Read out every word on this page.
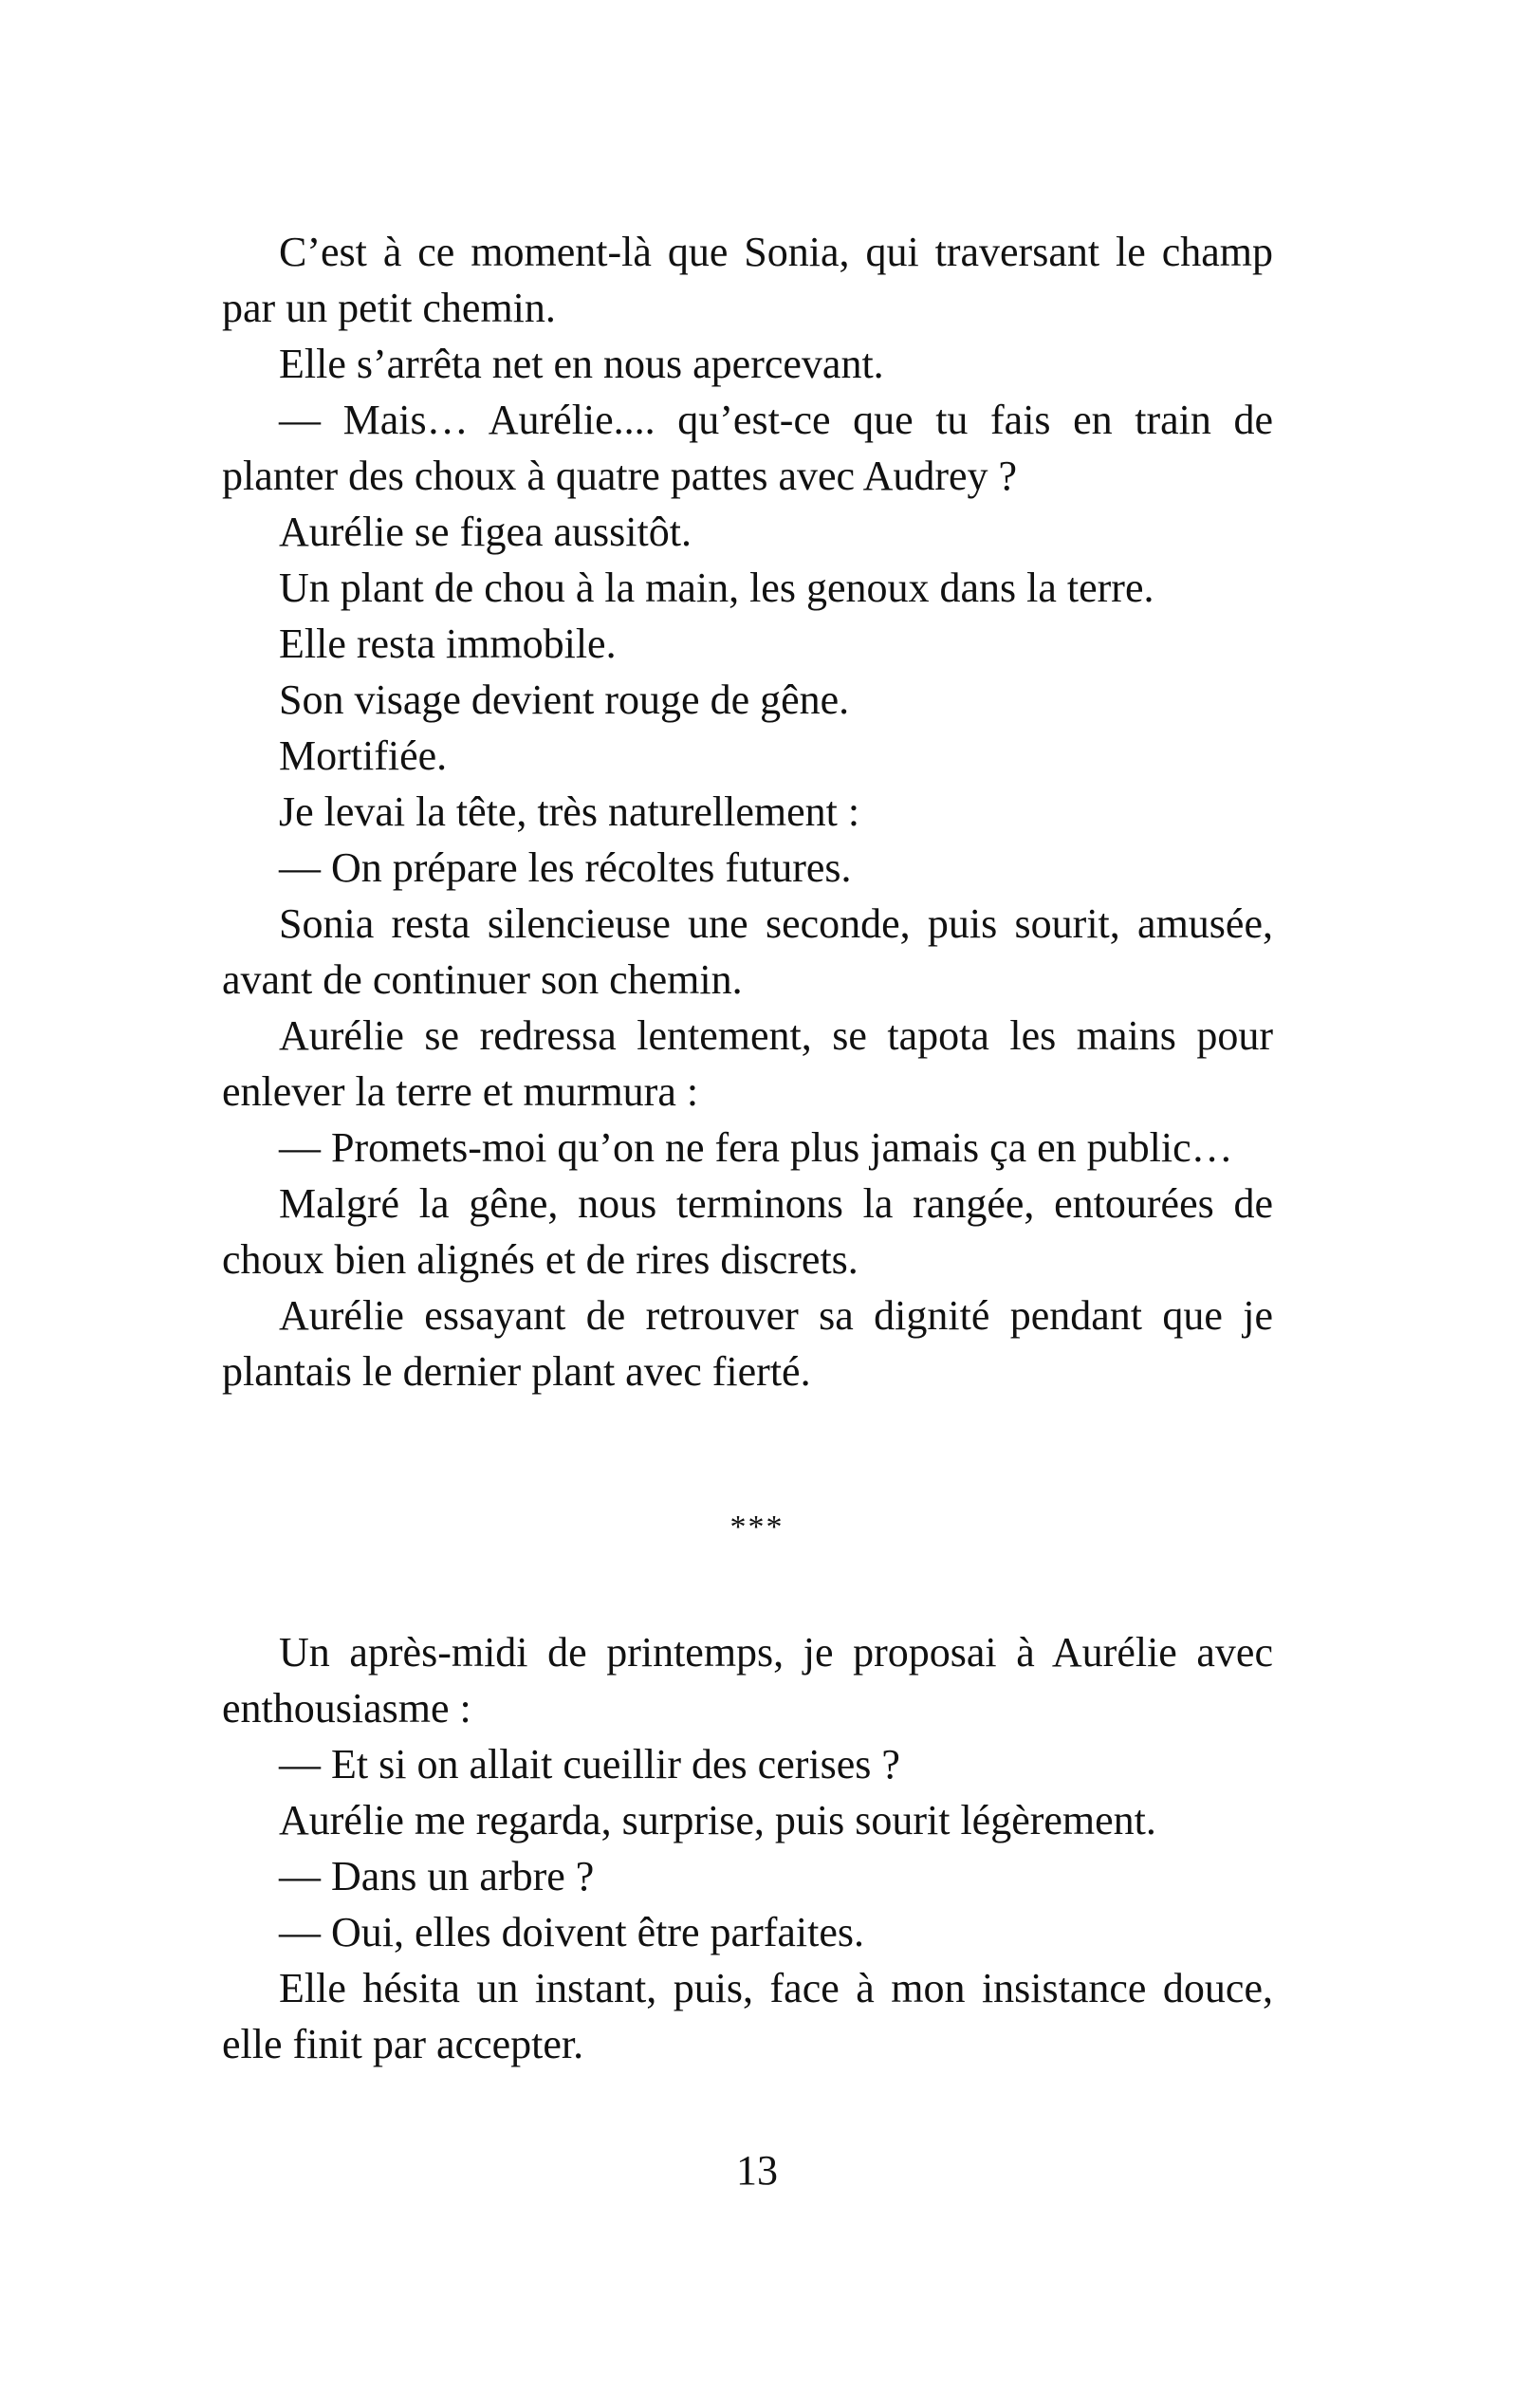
C’est à ce moment-là que Sonia, qui traversant le champ par un petit chemin.

Elle s’arrêta net en nous apercevant.

— Mais… Aurélie.... qu’est-ce que tu fais en train de planter des choux à quatre pattes avec Audrey ?

Aurélie se figea aussitôt.

Un plant de chou à la main, les genoux dans la terre.

Elle resta immobile.

Son visage devient rouge de gêne.

Mortifiée.

Je levai la tête, très naturellement :

— On prépare les récoltes futures.

Sonia resta silencieuse une seconde, puis sourit, amusée, avant de continuer son chemin.

Aurélie se redressa lentement, se tapota les mains pour enlever la terre et murmura :

— Promets-moi qu’on ne fera plus jamais ça en public…

Malgré la gêne, nous terminons la rangée, entourées de choux bien alignés et de rires discrets.

Aurélie essayant de retrouver sa dignité pendant que je plantais le dernier plant avec fierté.

***

Un après-midi de printemps, je proposai à Aurélie avec enthousiasme :

— Et si on allait cueillir des cerises ?

Aurélie me regarda, surprise, puis sourit légèrement.

— Dans un arbre ?

— Oui, elles doivent être parfaites.

Elle hésita un instant, puis, face à mon insistance douce, elle finit par accepter.

13
